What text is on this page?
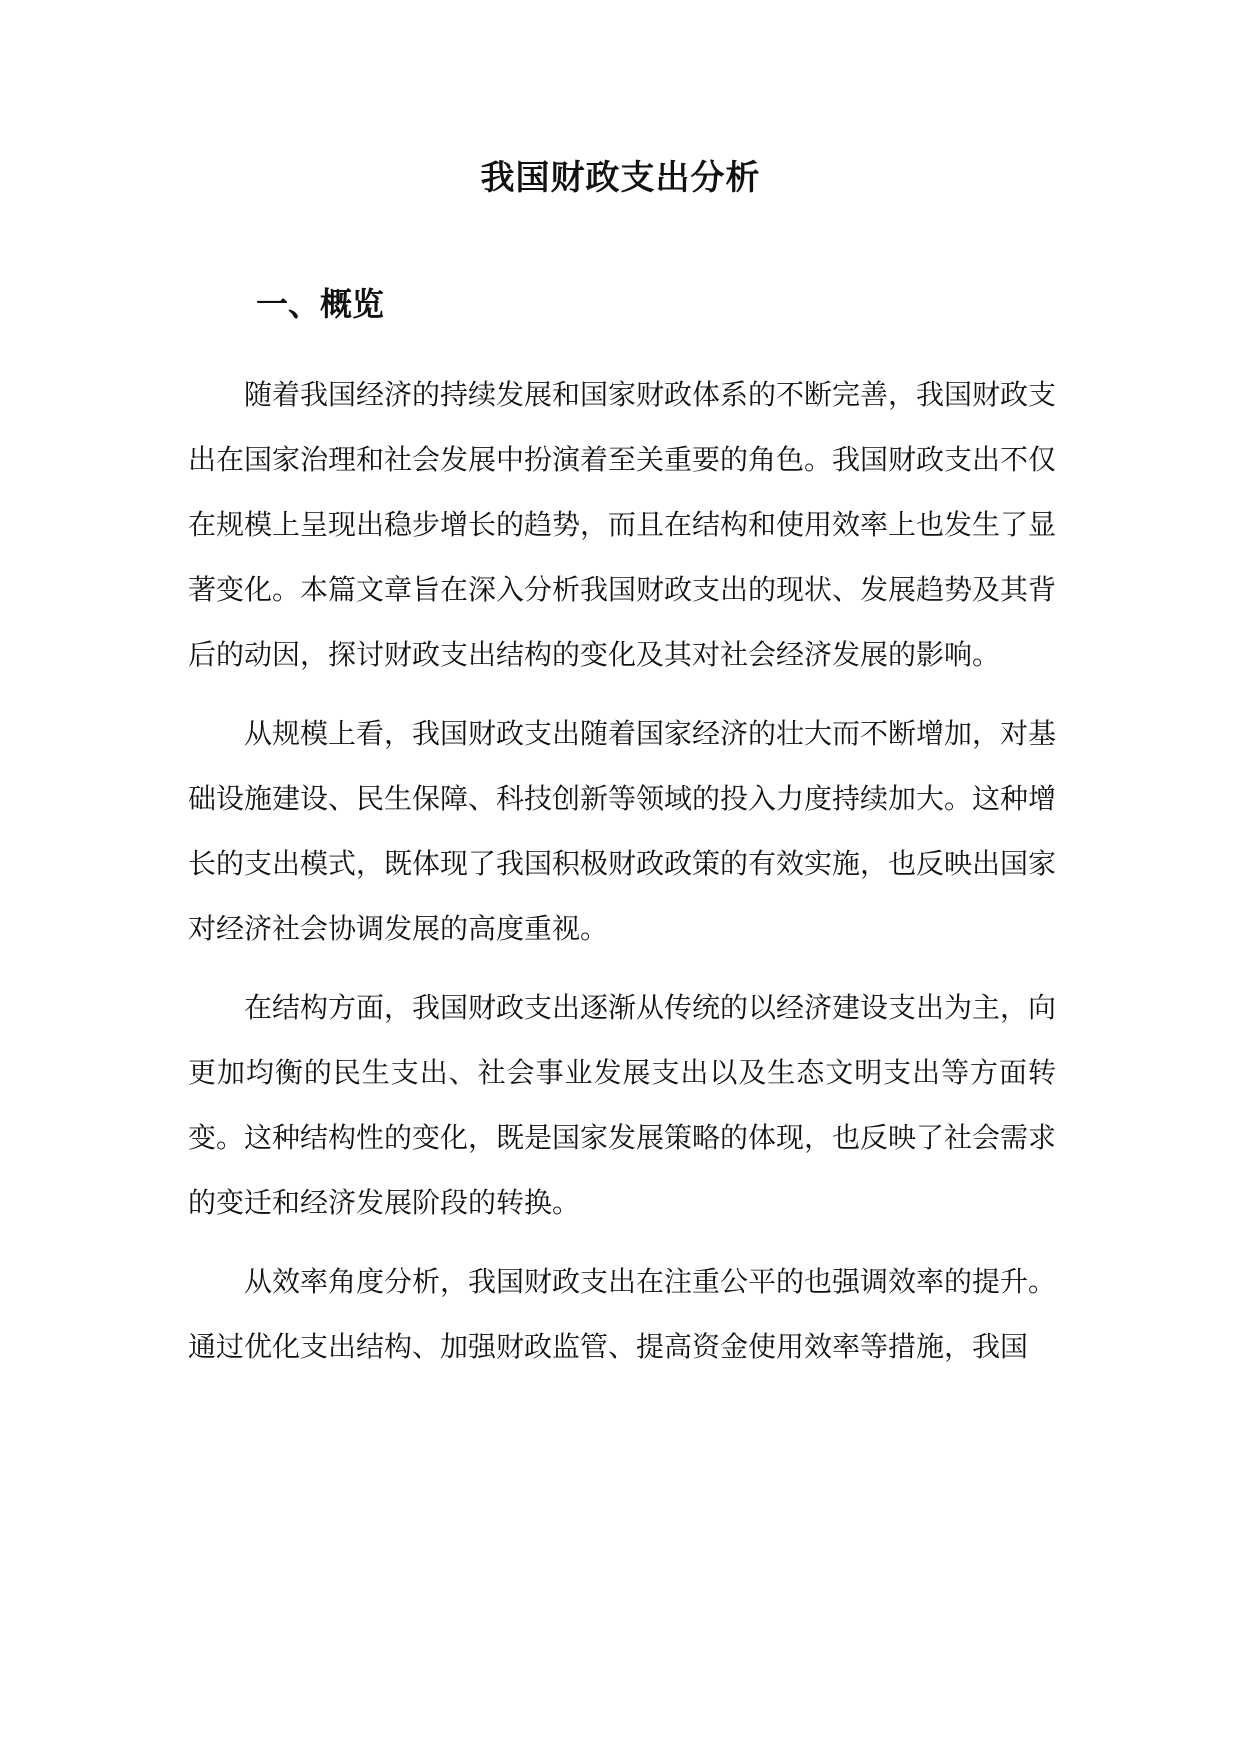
我国财政支出分析
一、概览

随着我国经济的持续发展和国家财政体系的不断完善，我国财政支出在国家治理和社会发展中扮演着至关重要的角色。我国财政支出不仅在规模上呈现出稳步增长的趋势，而且在结构和使用效率上也发生了显著变化。本篇文章旨在深入分析我国财政支出的现状、发展趋势及其背后的动因，探讨财政支出结构的变化及其对社会经济发展的影响。

从规模上看，我国财政支出随着国家经济的壮大而不断增加，对基础设施建设、民生保障、科技创新等领域的投入力度持续加大。这种增长的支出模式，既体现了我国积极财政政策的有效实施，也反映出国家对经济社会协调发展的高度重视。

在结构方面，我国财政支出逐渐从传统的以经济建设支出为主，向更加均衡的民生支出、社会事业发展支出以及生态文明支出等方面转变。这种结构性的变化，既是国家发展策略的体现，也反映了社会需求的变迁和经济发展阶段的转换。

从效率角度分析，我国财政支出在注重公平的也强调效率的提升。通过优化支出结构、加强财政监管、提高资金使用效率等措施，我国
